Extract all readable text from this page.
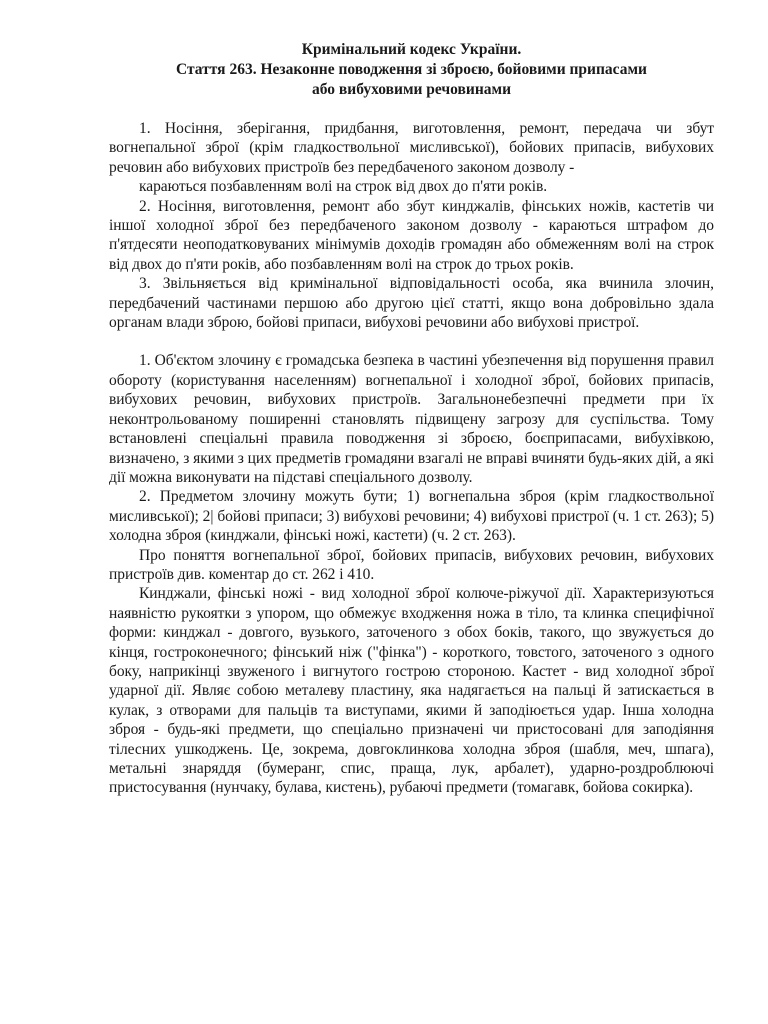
Кримінальний кодекс України.
Стаття 263. Незаконне поводження зі зброєю, бойовими припасами
або вибуховими речовинами

1. Носіння, зберігання, придбання, виготовлення, ремонт, передача чи збут вогнепальної зброї (крім гладкоствольної мисливської), бойових припасів, вибухових речовин або вибухових пристроїв без передбаченого законом дозволу -

караються позбавленням волі на строк від двох до п'яти років.

2. Носіння, виготовлення, ремонт або збут кинджалів, фінських ножів, кастетів чи іншої холодної зброї без передбаченого законом дозволу - караються штрафом до п'ятдесяти неоподатковуваних мінімумів доходів громадян або обмеженням волі на строк від двох до п'яти років, або позбавленням волі на строк до трьох років.

3. Звільняється від кримінальної відповідальності особа, яка вчинила злочин, передбачений частинами першою або другою цієї статті, якщо вона добровільно здала органам влади зброю, бойові припаси, вибухові речовини або вибухові пристрої.

1. Об'єктом злочину є громадська безпека в частині убезпечення від порушення правил обороту (користування населенням) вогнепальної і холодної зброї, бойових припасів, вибухових речовин, вибухових пристроїв. Загальнонебезпечні предмети при їх неконтрольованому поширенні становлять підвищену загрозу для суспільства. Тому встановлені спеціальні правила поводження зі зброєю, боєприпасами, вибухівкою, визначено, з якими з цих предметів громадяни взагалі не вправі вчиняти будь-яких дій, а які дії можна виконувати на підставі спеціального дозволу.

2. Предметом злочину можуть бути; 1) вогнепальна зброя (крім гладкоствольної мисливської); 2| бойові припаси; 3) вибухові речовини; 4) вибухові пристрої (ч. 1 ст. 263); 5) холодна зброя (кинджали, фінські ножі, кастети) (ч. 2 ст. 263).

Про поняття вогнепальної зброї, бойових припасів, вибухових речовин, вибухових пристроїв див. коментар до ст. 262 і 410.

Кинджали, фінські ножі - вид холодної зброї колюче-ріжучої дії. Характеризуються наявністю рукоятки з упором, що обмежує входження ножа в тіло, та клинка специфічної форми: кинджал - довгого, вузького, заточеного з обох боків, такого, що звужується до кінця, гостроконечного; фінський ніж ("фінка") - короткого, товстого, заточеного з одного боку, наприкінці звуженого і вигнутого гострою стороною. Кастет - вид холодної зброї ударної дії. Являє собою металеву пластину, яка надягається на пальці й затискається в кулак, з отворами для пальців та виступами, якими й заподіюється удар. Інша холодна зброя - будь-які предмети, що спеціально призначені чи пристосовані для заподіяння тілесних ушкоджень. Це, зокрема, довгоклинкова холодна зброя (шабля, меч, шпага), метальні знаряддя (бумеранг, спис, праща, лук, арбалет), ударно-роздроблюючі пристосування (нунчаку, булава, кистень), рубаючі предмети (томагавк, бойова сокирка).
